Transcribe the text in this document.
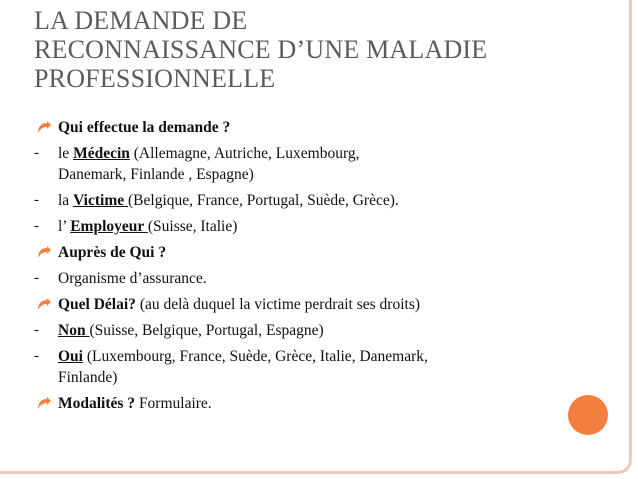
LA DEMANDE DE
RECONNAISSANCE D’UNE MALADIE
PROFESSIONNELLE
Qui effectue la demande ?
-	le Médecin (Allemagne, Autriche, Luxembourg,
Danemark, Finlande , Espagne)
-	la Victime (Belgique, France, Portugal, Suède, Grèce).
-	l’ Employeur (Suisse, Italie)
Auprès de Qui ?
-	Organisme d’assurance.
Quel Délai? (au delà duquel la victime perdrait ses droits)
-	Non (Suisse, Belgique, Portugal, Espagne)
-	Oui (Luxembourg, France, Suède, Grèce, Italie, Danemark,
Finlande)
Modalités ? Formulaire.
